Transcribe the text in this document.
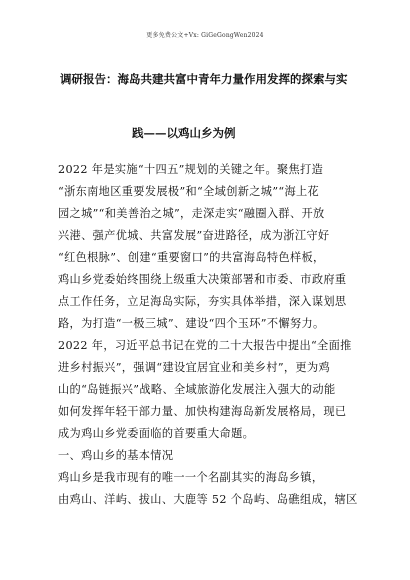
更多免费公文+Vx: GiGeGongWen2024
调研报告：海岛共建共富中青年力量作用发挥的探索与实
践——以鸡山乡为例
2022 年是实施“十四五”规划的关键之年。聚焦打造
“浙东南地区重要发展极”和“全域创新之城”“海上花
园之城”“和美善治之城”，走深走实“融圈入群、开放
兴港、强产优城、共富发展”奋进路径，成为浙江守好
“红色根脉”、创建“重要窗口”的共富海岛特色样板，
鸡山乡党委始终围绕上级重大决策部署和市委、市政府重
点工作任务，立足海岛实际，夯实具体举措，深入谋划思
路，为打造“一极三城”、建设“四个玉环”不懈努力。
2022 年，习近平总书记在党的二十大报告中提出“全面推
进乡村振兴”，强调“建设宜居宜业和美乡村”，更为鸡
山的“岛链振兴”战略、全域旅游化发展注入强大的动能
如何发挥年轻干部力量、加快构建海岛新发展格局，现已
成为鸡山乡党委面临的首要重大命题。
一、鸡山乡的基本情况
鸡山乡是我市现有的唯一一个名副其实的海岛乡镇，
由鸡山、洋屿、拔山、大鹿等 52 个岛屿、岛礁组成，辖区
